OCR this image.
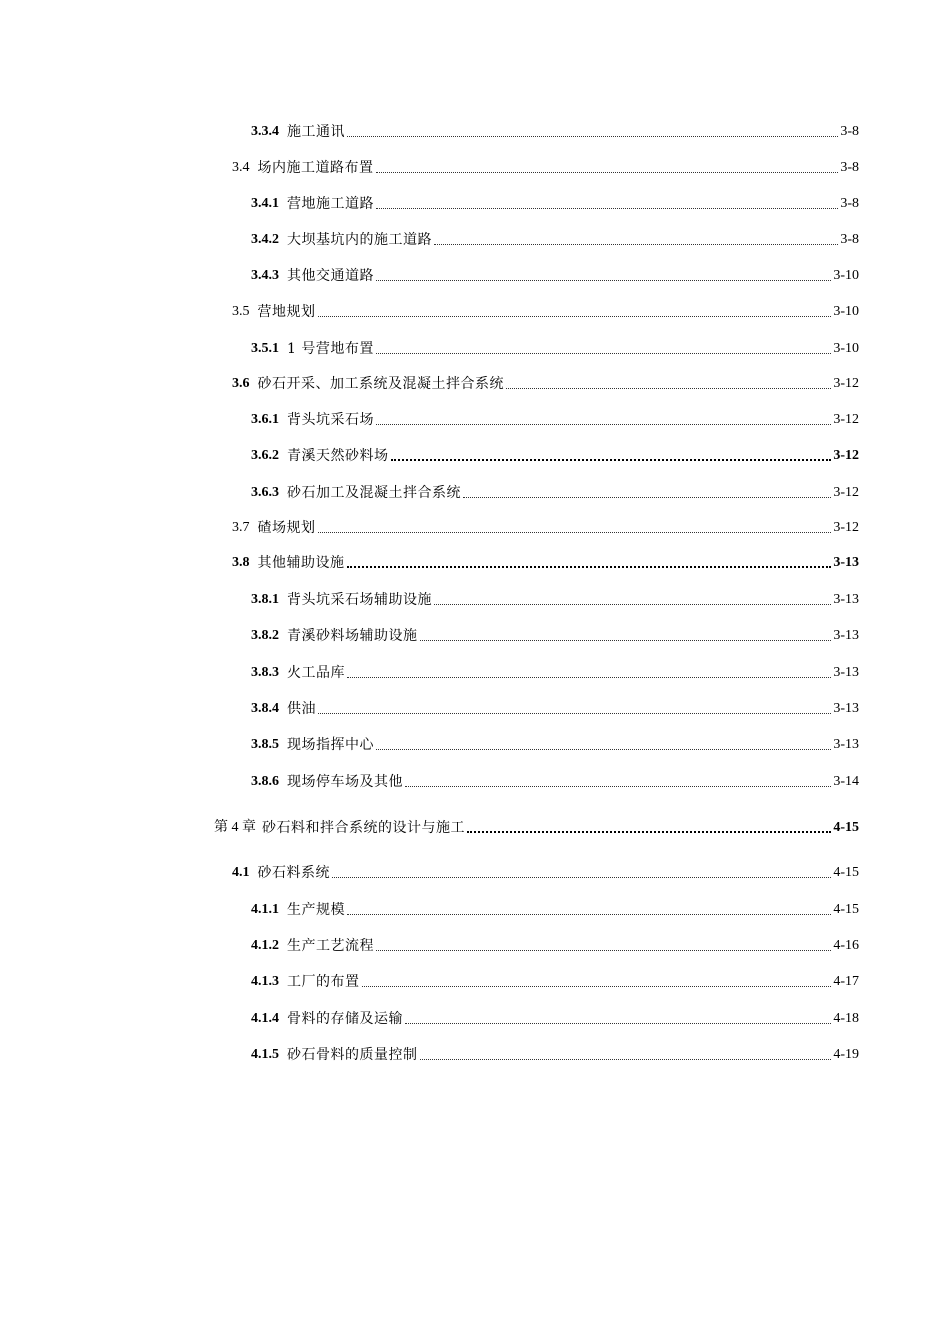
3.3.4 施工通讯	3-8
3.4 场内施工道路布置	3-8
3.4.1 营地施工道路	3-8
3.4.2 大坝基坑内的施工道路	3-8
3.4.3 其他交通道路	3-10
3.5 营地规划	3-10
3.5.1 1 号营地布置	3-10
3.6 砂石开采、加工系统及混凝土拌合系统	3-12
3.6.1 背头坑采石场	3-12
3.6.2 青溪天然砂料场	3-12
3.6.3 砂石加工及混凝土拌合系统	3-12
3.7 碴场规划	3-12
3.8 其他辅助设施	3-13
3.8.1 背头坑采石场辅助设施	3-13
3.8.2 青溪砂料场辅助设施	3-13
3.8.3 火工品库	3-13
3.8.4 供油	3-13
3.8.5 现场指挥中心	3-13
3.8.6 现场停车场及其他	3-14
第 4 章 砂石料和拌合系统的设计与施工	4-15
4.1 砂石料系统	4-15
4.1.1 生产规模	4-15
4.1.2 生产工艺流程	4-16
4.1.3 工厂的布置	4-17
4.1.4 骨料的存储及运输	4-18
4.1.5 砂石骨料的质量控制	4-19
